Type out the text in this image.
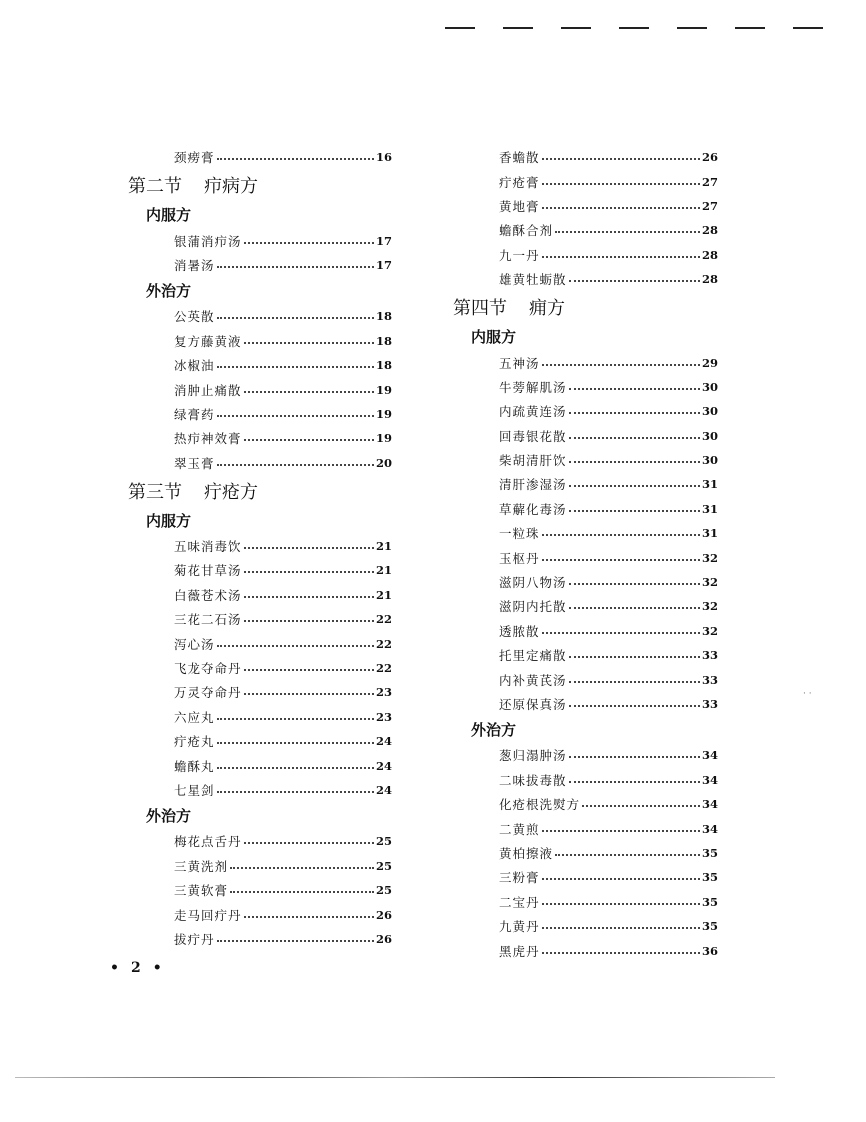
颈痨膏	16
第二节 疖病方
内服方
银蒲消疖汤	17
消暑汤	17
外治方
公英散	18
复方藤黄液	18
冰椒油	18
消肿止痛散	19
绿膏药	19
热疖神效膏	19
翠玉膏	20
第三节 疔疮方
内服方
五味消毒饮	21
菊花甘草汤	21
白薇苍术汤	21
三花二石汤	22
泻心汤	22
飞龙夺命丹	22
万灵夺命丹	23
六应丸	23
疔疮丸	24
蟾酥丸	24
七星剑	24
外治方
梅花点舌丹	25
三黄洗剂	25
三黄软膏	25
走马回疔丹	26
拔疔丹	26
香蟾散	26
疔疮膏	27
黄地膏	27
蟾酥合剂	28
九一丹	28
雄黄牡蛎散	28
第四节 痈方
内服方
五神汤	29
牛蒡解肌汤	30
内疏黄连汤	30
回毒银花散	30
柴胡清肝饮	30
清肝渗湿汤	31
草薢化毒汤	31
一粒珠	31
玉枢丹	32
滋阴八物汤	32
滋阴内托散	32
透脓散	32
托里定痛散	33
内补黄芪汤	33
还原保真汤	33
外治方
葱归溻肿汤	34
二味拔毒散	34
化疮根洗熨方	34
二黄煎	34
黄柏擦液	35
三粉膏	35
二宝丹	35
九黄丹	35
黑虎丹	36
•2•
· ·
